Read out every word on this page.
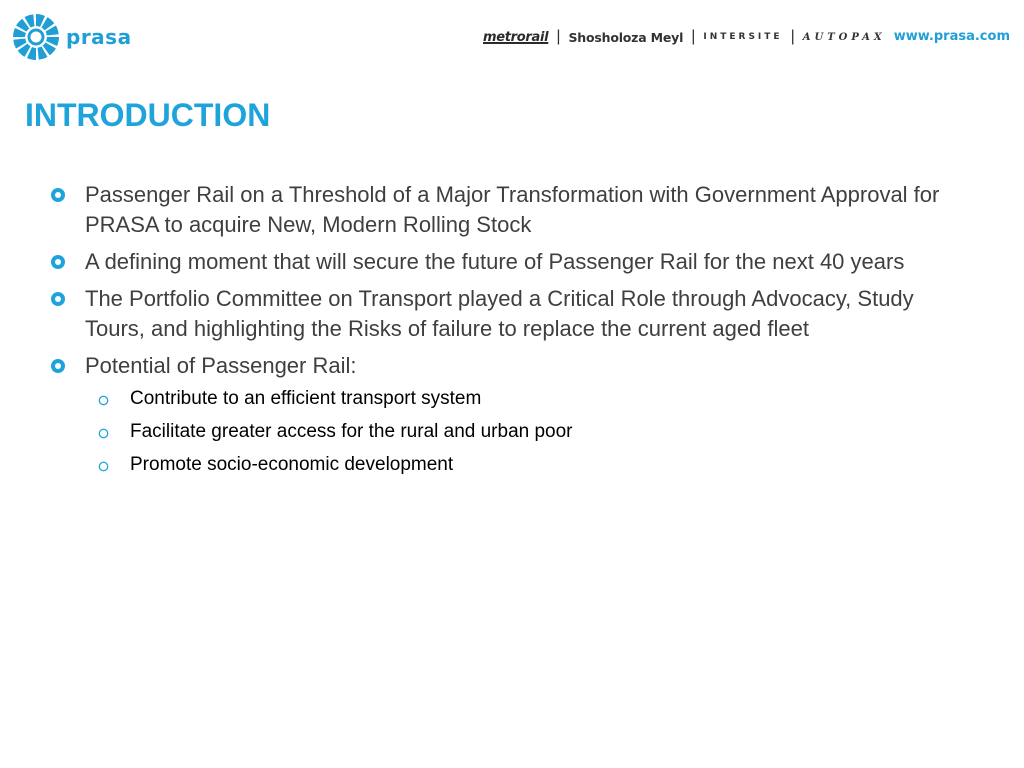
prasa	metrorail | Shosholoza Meyl | INTERSITE | AUTOPAX www.prasa.com
INTRODUCTION
Passenger Rail on a Threshold of a Major Transformation with Government Approval for PRASA to acquire New, Modern Rolling Stock
A defining moment that will secure the future of Passenger Rail for the next 40 years
The Portfolio Committee on Transport played a Critical Role through Advocacy, Study Tours, and highlighting the Risks of failure to replace the current aged fleet
Potential of Passenger Rail:
Contribute to an efficient transport system
Facilitate greater access for the rural and urban poor
Promote socio-economic development
